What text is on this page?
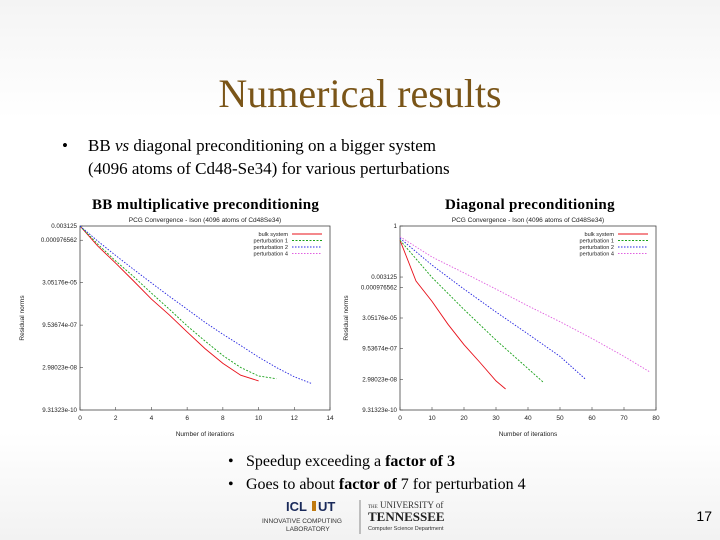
Numerical results
• BB vs diagonal preconditioning on a bigger system
(4096 atoms of Cd48-Se34) for various perturbations
BB multiplicative preconditioning	Diagonal preconditioning
PCG Convergence - Ison (4096 atoms of Cd48Se34)
Number of iterations
Residual norms
0	2	4	6	8	10	12	14
0.003125
0.000976562
3.05176e-05
9.53674e-07
2.98023e-08
9.31323e-10
bulk system
perturbation 1
perturbation 2
perturbation 4
PCG Convergence - Ison (4096 atoms of Cd48Se34)
Number of iterations
Residual norms
0	10	20	30	40	50	60	70	80
1
0.003125
0.000976562
3.05176e-05
9.53674e-07
2.98023e-08
9.31323e-10
bulk system
perturbation 1
perturbation 2
perturbation 4
• Speedup exceeding a factor of 3
• Goes to about factor of 7 for perturbation 4
ICL UT
INNOVATIVE COMPUTING
LABORATORY
THE UNIVERSITY of
TENNESSEE
Computer Science Department
17
